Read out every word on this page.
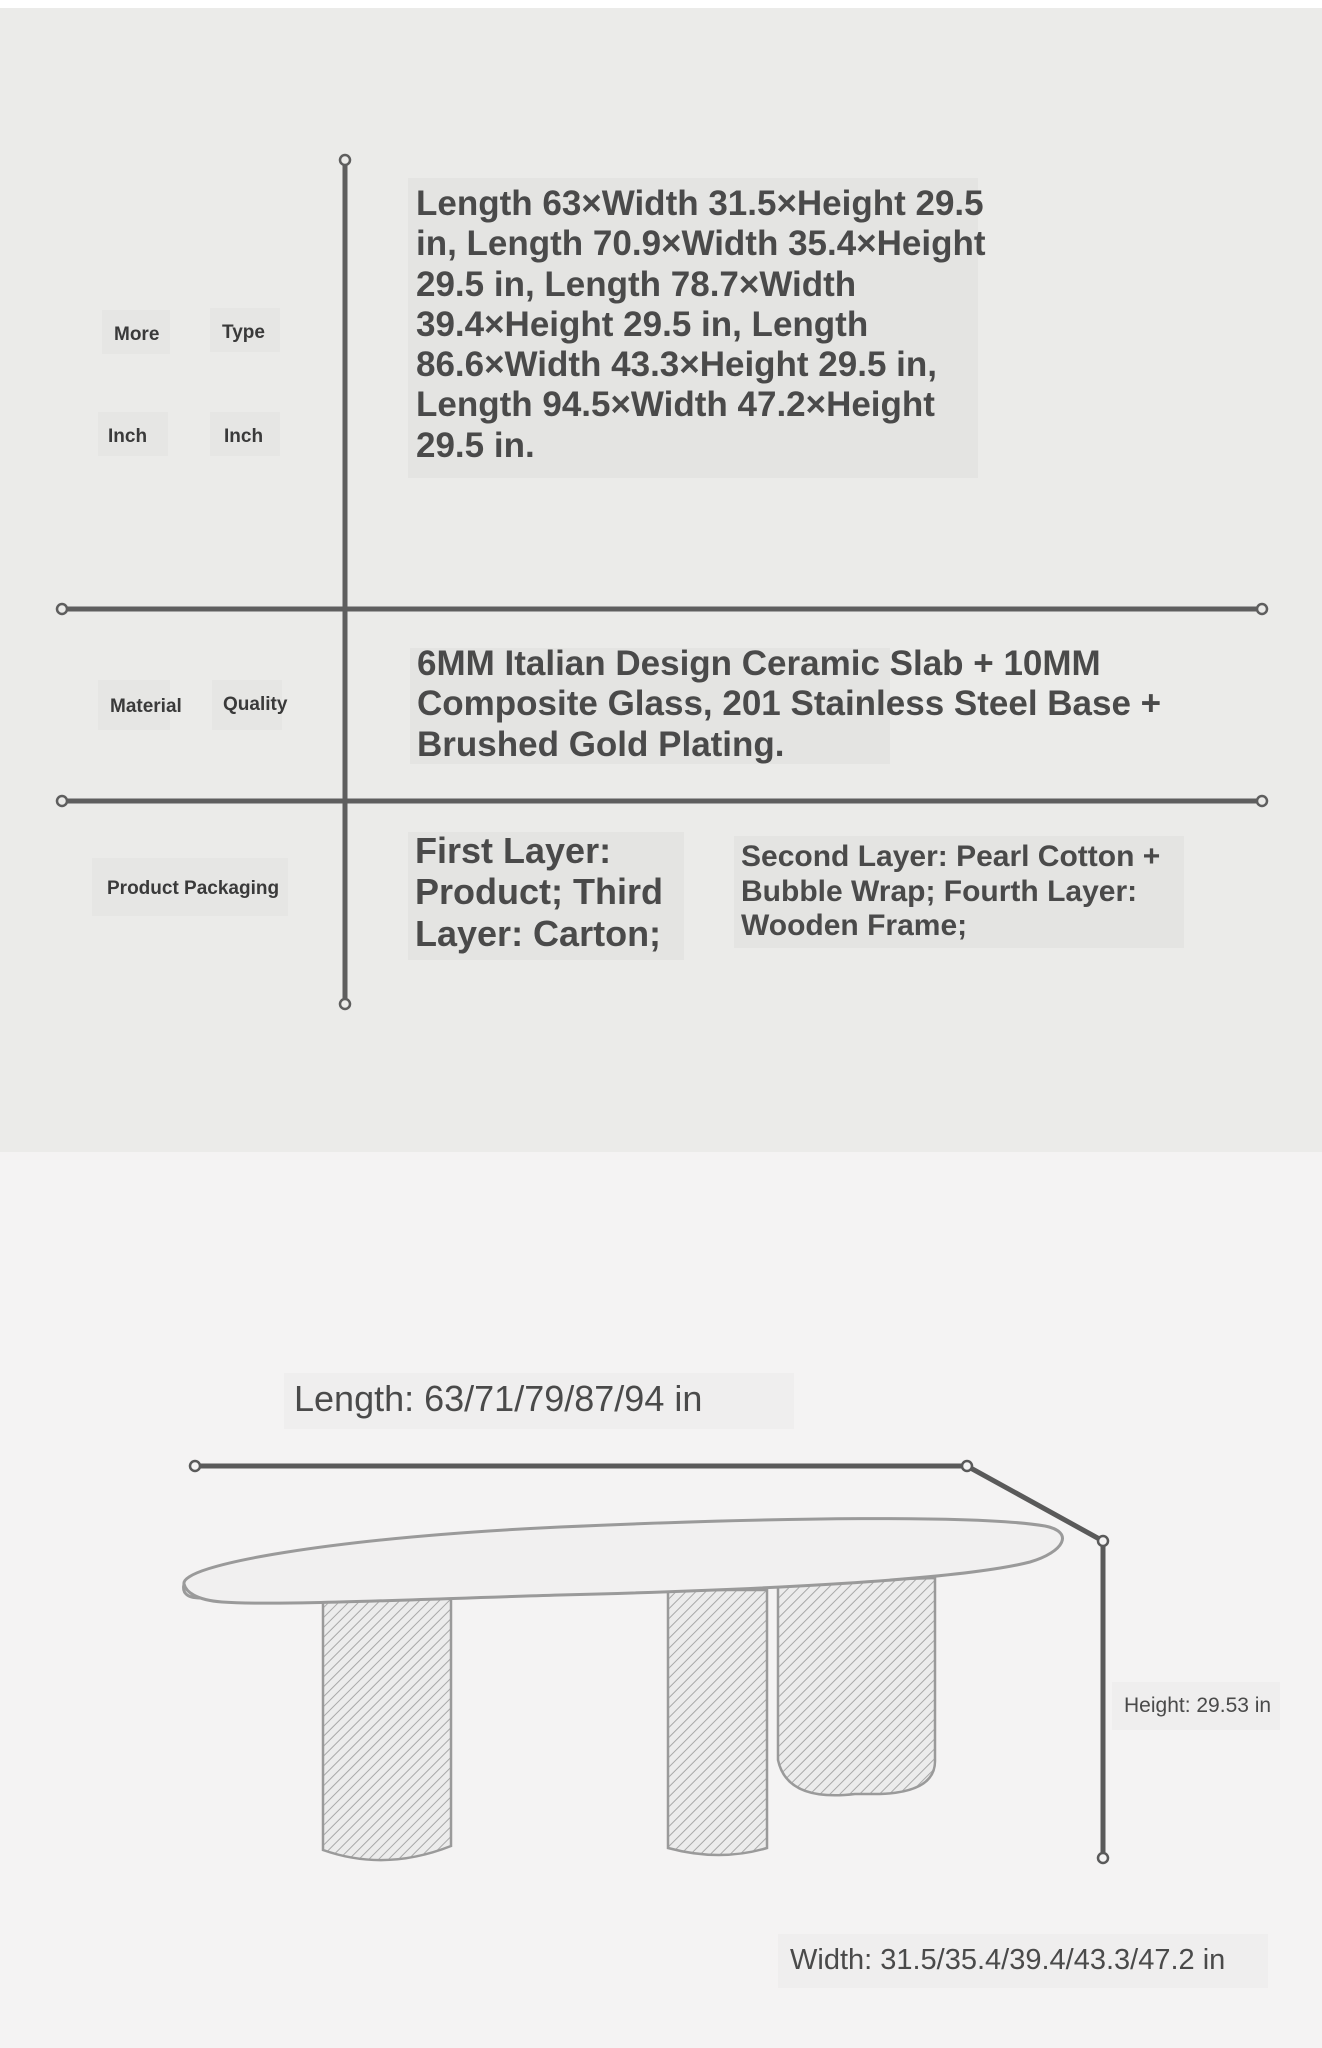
More	Type
Inch	Inch
Length 63×Width 31.5×Height 29.5 in, Length 70.9×Width 35.4×Height 29.5 in, Length 78.7×Width 39.4×Height 29.5 in, Length 86.6×Width 43.3×Height 29.5 in, Length 94.5×Width 47.2×Height 29.5 in.
Material Quality
6MM Italian Design Ceramic Slab + 10MM Composite Glass, 201 Stainless Steel Base + Brushed Gold Plating.
Product Packaging
First Layer: Product; Third Layer: Carton;
Second Layer: Pearl Cotton + Bubble Wrap; Fourth Layer: Wooden Frame;
Length: 63/71/79/87/94 in
Height: 29.53 in
Width: 31.5/35.4/39.4/43.3/47.2 in
